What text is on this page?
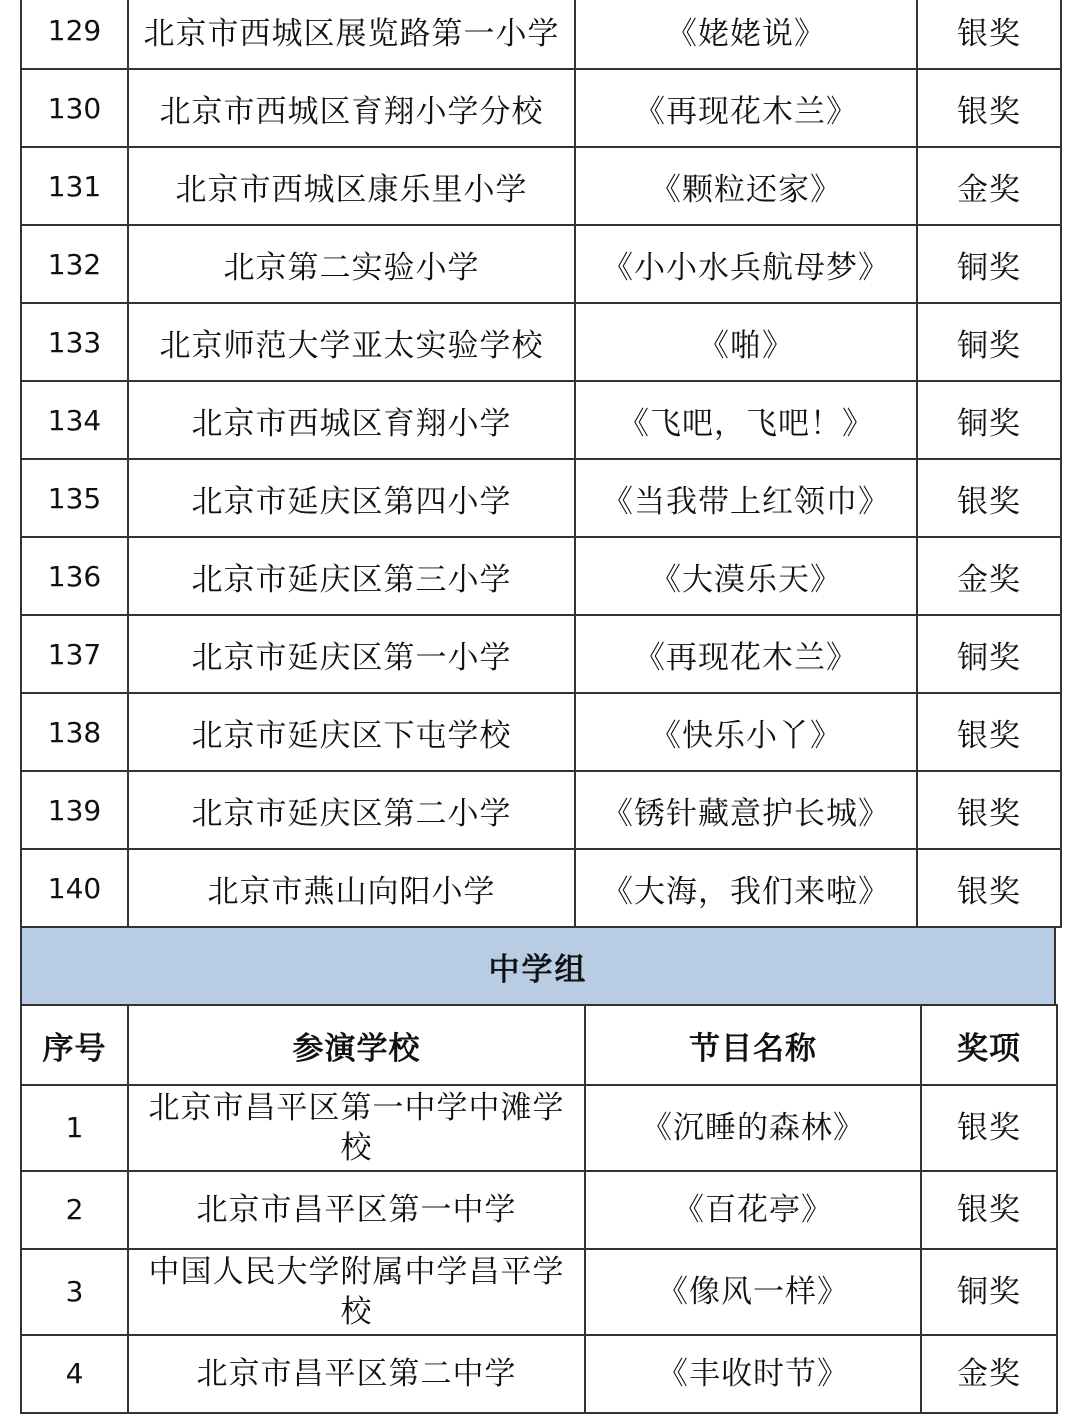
129	北京市西城区展览路第一小学	《姥姥说》	银奖
130	北京市西城区育翔小学分校	《再现花木兰》	银奖
131	北京市西城区康乐里小学	《颗粒还家》	金奖
132	北京第二实验小学	《小小水兵航母梦》	铜奖
133	北京师范大学亚太实验学校	《啪》	铜奖
134	北京市西城区育翔小学	《飞吧，飞吧！》	铜奖
135	北京市延庆区第四小学	《当我带上红领巾》	银奖
136	北京市延庆区第三小学	《大漠乐天》	金奖
137	北京市延庆区第一小学	《再现花木兰》	铜奖
138	北京市延庆区下屯学校	《快乐小丫》	银奖
139	北京市延庆区第二小学	《锈针藏意护长城》	银奖
140	北京市燕山向阳小学	《大海，我们来啦》	银奖
中学组
序号	参演学校	节目名称	奖项
1	北京市昌平区第一中学中滩学校	《沉睡的森林》	银奖
2	北京市昌平区第一中学	《百花亭》	银奖
3	中国人民大学附属中学昌平学校	《像风一样》	铜奖
4	北京市昌平区第二中学	《丰收时节》	金奖
